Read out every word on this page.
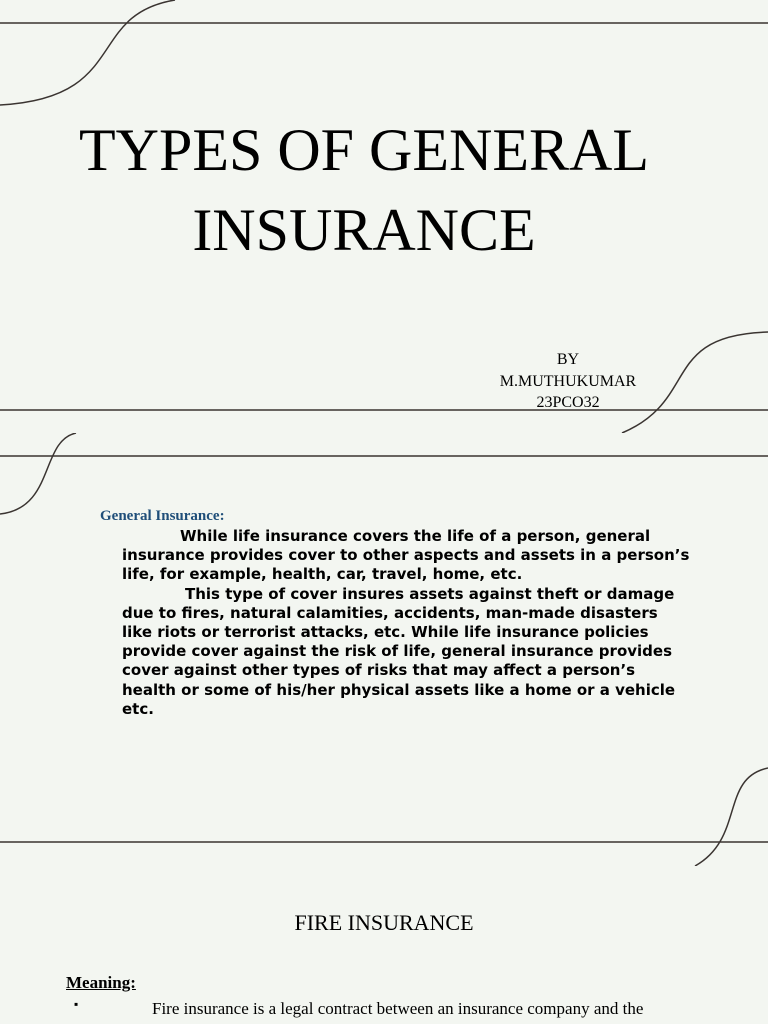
TYPES OF GENERAL
INSURANCE
BY
M.MUTHUKUMAR
23PCO32
General Insurance:

While life insurance covers the life of a person, general insurance provides cover to other aspects and assets in a person’s life, for example, health, car, travel, home, etc.

This type of cover insures assets against theft or damage due to fires, natural calamities, accidents, man-made disasters like riots or terrorist attacks, etc. While life insurance policies provide cover against the risk of life, general insurance provides cover against other types of risks that may affect a person’s health or some of his/her physical assets like a home or a vehicle etc.

FIRE INSURANCE
Meaning:
▪	Fire insurance is a legal contract between an insurance company and the
